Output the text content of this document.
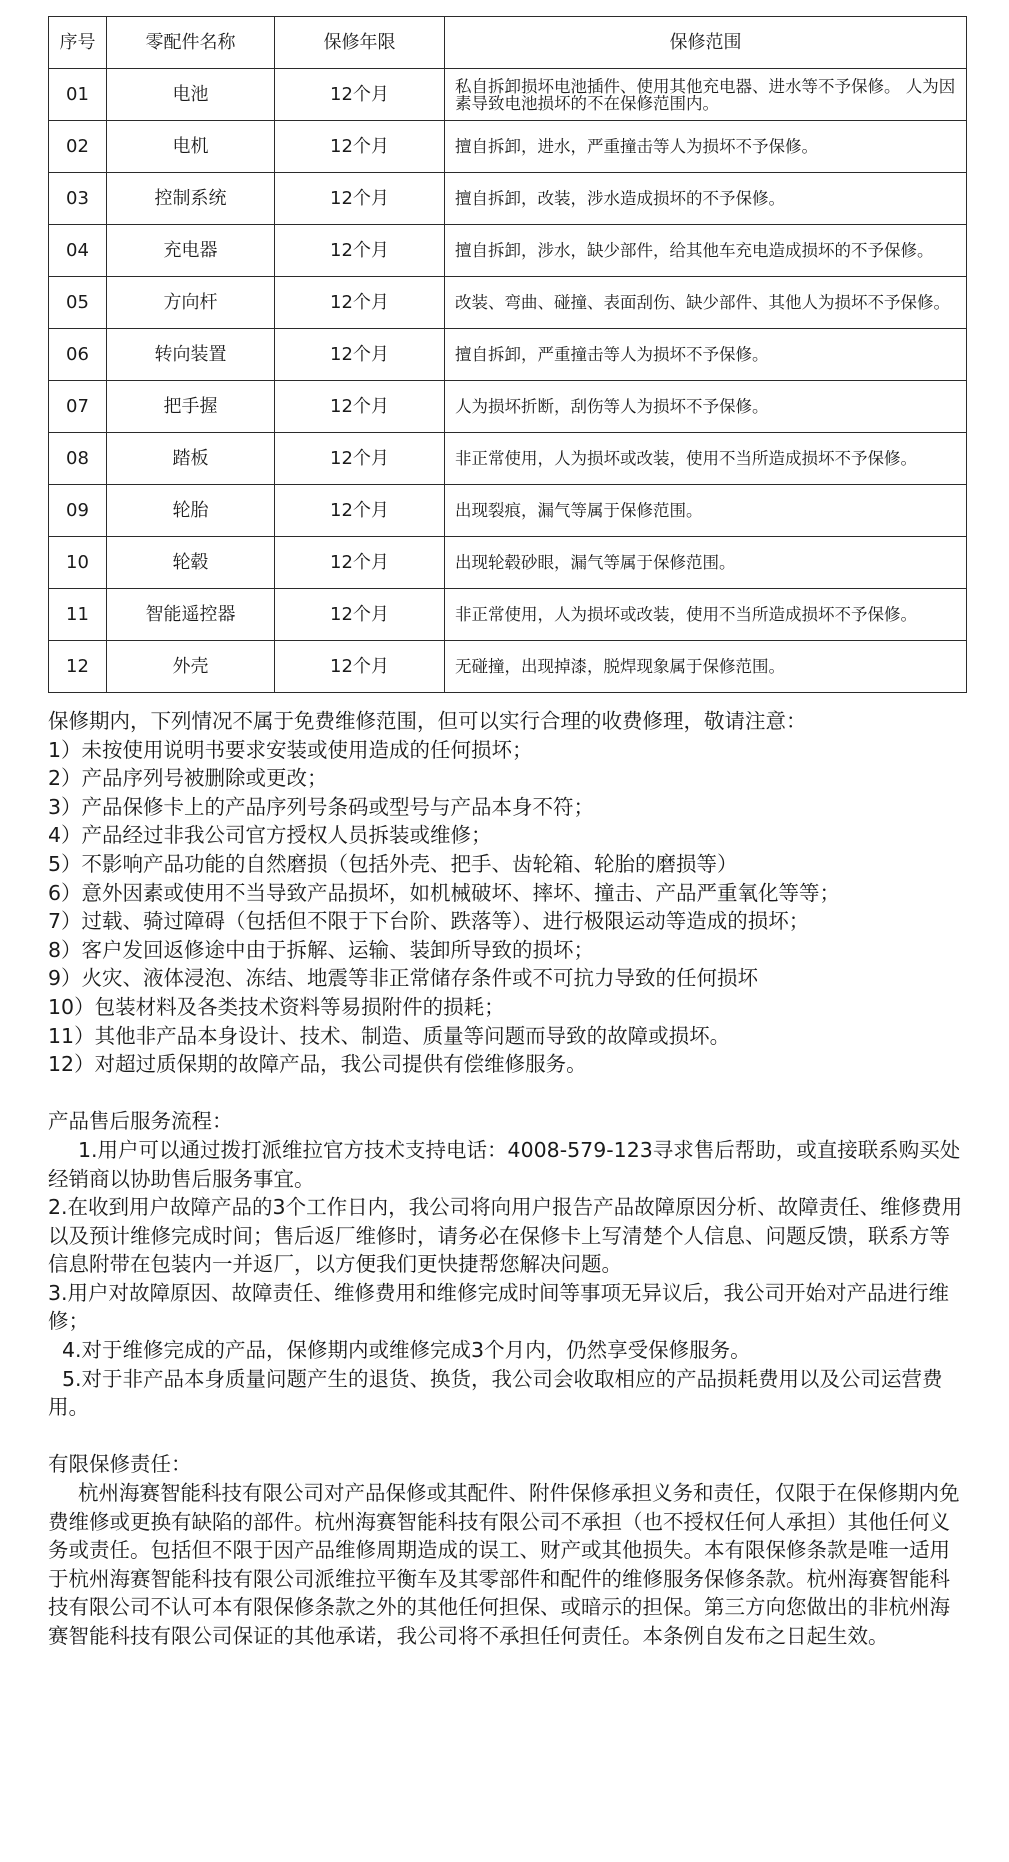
序号	零配件名称	保修年限	保修范围
01	电池	12个月	私自拆卸损坏电池插件、使用其他充电器、进水等不予保修。 人为因素导致电池损坏的不在保修范围内。
02	电机	12个月	擅自拆卸，进水，严重撞击等人为损坏不予保修。
03	控制系统	12个月	擅自拆卸，改装，涉水造成损坏的不予保修。
04	充电器	12个月	擅自拆卸，涉水，缺少部件，给其他车充电造成损坏的不予保修。
05	方向杆	12个月	改装、弯曲、碰撞、表面刮伤、缺少部件、其他人为损坏不予保修。
06	转向装置	12个月	擅自拆卸，严重撞击等人为损坏不予保修。
07	把手握	12个月	人为损坏折断，刮伤等人为损坏不予保修。
08	踏板	12个月	非正常使用，人为损坏或改装，使用不当所造成损坏不予保修。
09	轮胎	12个月	出现裂痕，漏气等属于保修范围。
10	轮毂	12个月	出现轮毂砂眼，漏气等属于保修范围。
11	智能遥控器	12个月	非正常使用，人为损坏或改装，使用不当所造成损坏不予保修。
12	外壳	12个月	无碰撞，出现掉漆，脱焊现象属于保修范围。

保修期内，下列情况不属于免费维修范围，但可以实行合理的收费修理，敬请注意：

1）未按使用说明书要求安装或使用造成的任何损坏；

2）产品序列号被删除或更改；

3）产品保修卡上的产品序列号条码或型号与产品本身不符；

4）产品经过非我公司官方授权人员拆装或维修；

5）不影响产品功能的自然磨损（包括外壳、把手、齿轮箱、轮胎的磨损等）

6）意外因素或使用不当导致产品损坏，如机械破坏、摔坏、撞击、产品严重氧化等等；

7）过载、骑过障碍（包括但不限于下台阶、跌落等）、进行极限运动等造成的损坏；

8）客户发回返修途中由于拆解、运输、装卸所导致的损坏；

9）火灾、液体浸泡、冻结、地震等非正常储存条件或不可抗力导致的任何损坏

10）包装材料及各类技术资料等易损附件的损耗；

11）其他非产品本身设计、技术、制造、质量等问题而导致的故障或损坏。

12）对超过质保期的故障产品，我公司提供有偿维修服务。

产品售后服务流程：

1.用户可以通过拨打派维拉官方技术支持电话：4008-579-123寻求售后帮助，或直接联系购买处经销商以协助售后服务事宜。

2.在收到用户故障产品的3个工作日内，我公司将向用户报告产品故障原因分析、故障责任、维修费用以及预计维修完成时间；售后返厂维修时，请务必在保修卡上写清楚个人信息、问题反馈，联系方等信息附带在包装内一并返厂，以方便我们更快捷帮您解决问题。

3.用户对故障原因、故障责任、维修费用和维修完成时间等事项无异议后，我公司开始对产品进行维修；

4.对于维修完成的产品，保修期内或维修完成3个月内，仍然享受保修服务。

5.对于非产品本身质量问题产生的退货、换货，我公司会收取相应的产品损耗费用以及公司运营费用。

有限保修责任：

杭州海赛智能科技有限公司对产品保修或其配件、附件保修承担义务和责任，仅限于在保修期内免费维修或更换有缺陷的部件。杭州海赛智能科技有限公司不承担（也不授权任何人承担）其他任何义务或责任。包括但不限于因产品维修周期造成的误工、财产或其他损失。本有限保修条款是唯一适用于杭州海赛智能科技有限公司派维拉平衡车及其零部件和配件的维修服务保修条款。杭州海赛智能科技有限公司不认可本有限保修条款之外的其他任何担保、或暗示的担保。第三方向您做出的非杭州海赛智能科技有限公司保证的其他承诺，我公司将不承担任何责任。本条例自发布之日起生效。
